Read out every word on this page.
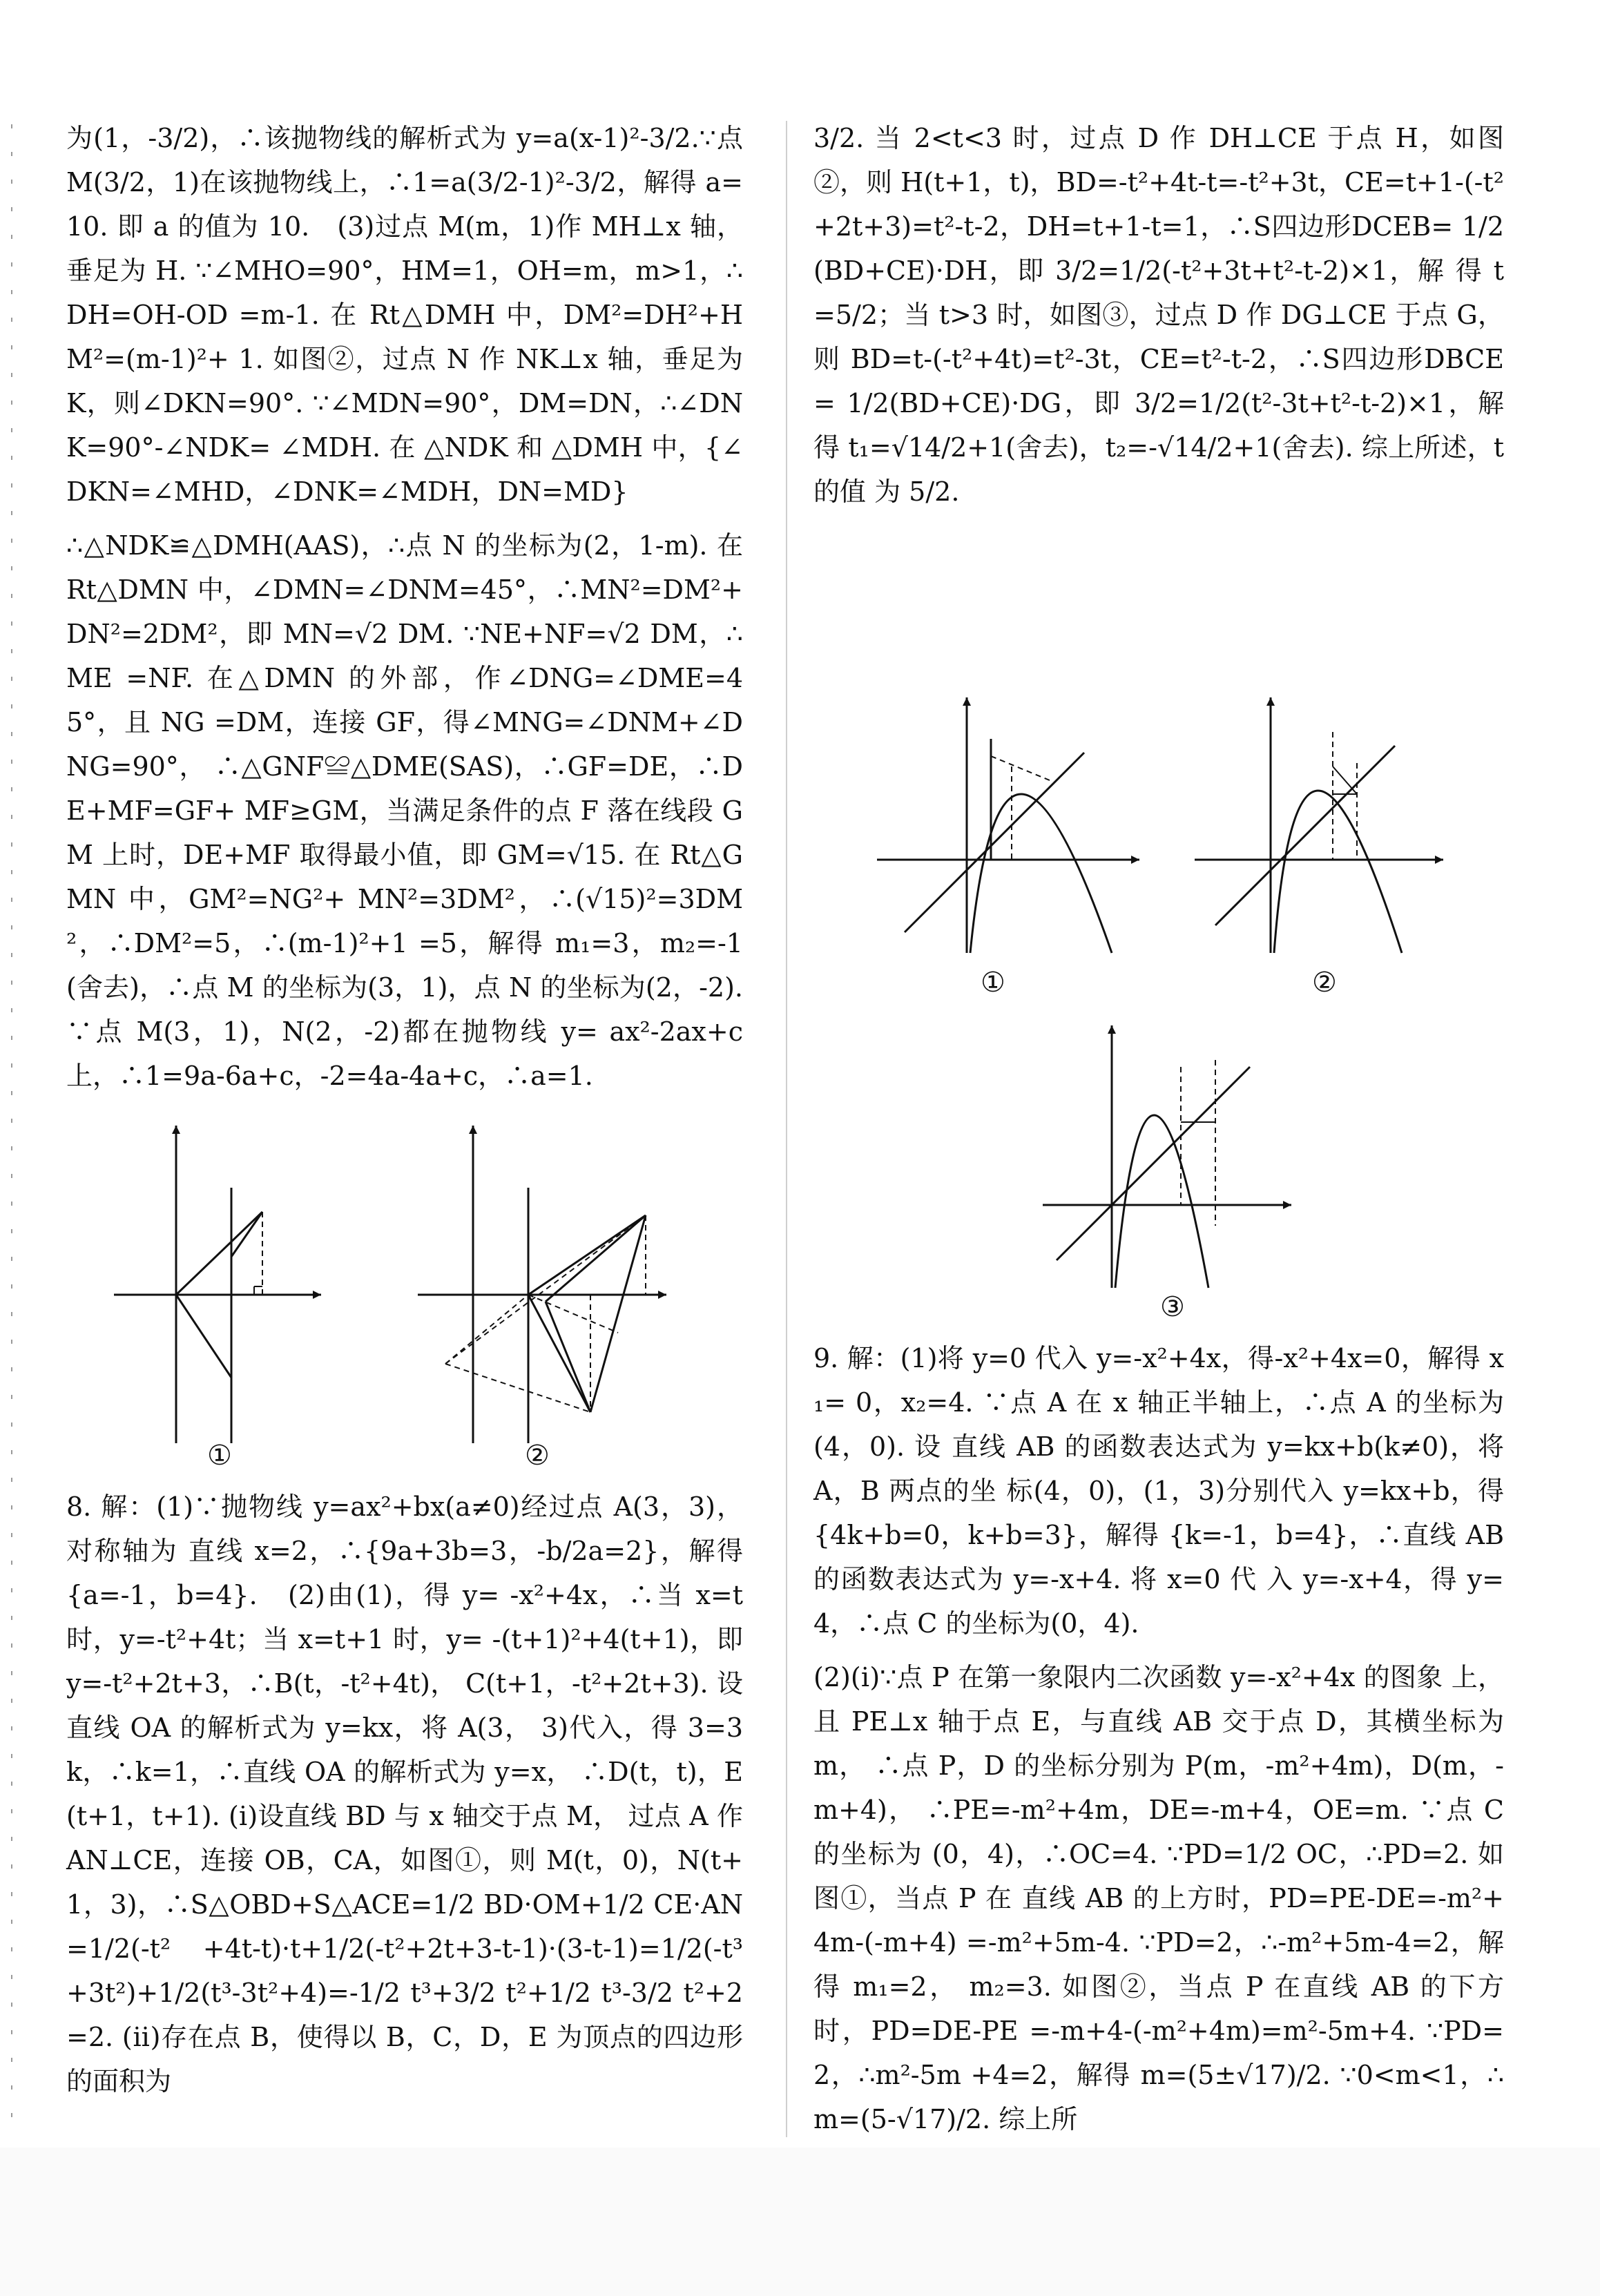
为(1，-3/2)，∴该抛物线的解析式为 y=a(x-1)²-3/2.∵点 M(3/2，1)在该抛物线上，∴1=a(3/2-1)²-3/2，解得 a=10. 即 a 的值为 10.　(3)过点 M(m，1)作 MH⊥x 轴，垂足为 H. ∵∠MHO=90°，HM=1，OH=m，m>1，∴DH=OH-OD =m-1. 在 Rt△DMH 中，DM²=DH²+HM²=(m-1)²+ 1. 如图②，过点 N 作 NK⊥x 轴，垂足为 K，则∠DKN=90°. ∵∠MDN=90°，DM=DN，∴∠DNK=90°-∠NDK= ∠MDH. 在 △NDK 和 △DMH 中，{∠DKN=∠MHD，∠DNK=∠MDH，DN=MD}

∴△NDK≌△DMH(AAS)，∴点 N 的坐标为(2，1-m). 在 Rt△DMN 中，∠DMN=∠DNM=45°，∴MN²=DM²+ DN²=2DM²，即 MN=√2 DM. ∵NE+NF=√2 DM，∴ME =NF. 在△DMN 的外部，作∠DNG=∠DME=45°，且 NG =DM，连接 GF，得∠MNG=∠DNM+∠DNG=90°， ∴△GNF≌△DME(SAS)，∴GF=DE，∴DE+MF=GF+ MF≥GM，当满足条件的点 F 落在线段 GM 上时，DE+MF 取得最小值，即 GM=√15. 在 Rt△GMN 中，GM²=NG²+ MN²=3DM²，∴(√15)²=3DM²，∴DM²=5，∴(m-1)²+1 =5，解得 m₁=3，m₂=-1(舍去)，∴点 M 的坐标为(3，1)，点 N 的坐标为(2，-2). ∵点 M(3，1)，N(2，-2)都在抛物线 y= ax²-2ax+c 上，∴1=9a-6a+c，-2=4a-4a+c，∴a=1.

①	②

8. 解：(1)∵抛物线 y=ax²+bx(a≠0)经过点 A(3，3)，对称轴为 直线 x=2，∴{9a+3b=3，-b/2a=2}，解得{a=-1，b=4}.　(2)由(1)，得 y= -x²+4x，∴当 x=t 时，y=-t²+4t；当 x=t+1 时，y= -(t+1)²+4(t+1)，即 y=-t²+2t+3，∴B(t，-t²+4t)， C(t+1，-t²+2t+3). 设直线 OA 的解析式为 y=kx，将 A(3， 3)代入，得 3=3k，∴k=1，∴直线 OA 的解析式为 y=x， ∴D(t，t)，E(t+1，t+1). (ⅰ)设直线 BD 与 x 轴交于点 M， 过点 A 作 AN⊥CE，连接 OB，CA，如图①，则 M(t，0)，N(t+ 1，3)，∴S△OBD+S△ACE=1/2 BD·OM+1/2 CE·AN=1/2(-t² +4t-t)·t+1/2(-t²+2t+3-t-1)·(3-t-1)=1/2(-t³ +3t²)+1/2(t³-3t²+4)=-1/2 t³+3/2 t²+1/2 t³-3/2 t²+2=2. (ⅱ)存在点 B，使得以 B，C，D，E 为顶点的四边形的面积为

3/2. 当 2<t<3 时，过点 D 作 DH⊥CE 于点 H，如图②，则 H(t+1，t)，BD=-t²+4t-t=-t²+3t，CE=t+1-(-t² +2t+3)=t²-t-2，DH=t+1-t=1，∴S四边形DCEB= 1/2(BD+CE)·DH，即 3/2=1/2(-t²+3t+t²-t-2)×1，解 得 t=5/2；当 t>3 时，如图③，过点 D 作 DG⊥CE 于点 G，则 BD=t-(-t²+4t)=t²-3t，CE=t²-t-2，∴S四边形DBCE= 1/2(BD+CE)·DG，即 3/2=1/2(t²-3t+t²-t-2)×1，解得 t₁=√14/2+1(舍去)，t₂=-√14/2+1(舍去). 综上所述，t 的值 为 5/2.

①	②
③

9. 解：(1)将 y=0 代入 y=-x²+4x，得-x²+4x=0，解得 x₁= 0，x₂=4. ∵点 A 在 x 轴正半轴上，∴点 A 的坐标为(4，0). 设 直线 AB 的函数表达式为 y=kx+b(k≠0)，将 A，B 两点的坐 标(4，0)，(1，3)分别代入 y=kx+b，得{4k+b=0，k+b=3}，解得 {k=-1，b=4}，∴直线 AB 的函数表达式为 y=-x+4. 将 x=0 代 入 y=-x+4，得 y=4，∴点 C 的坐标为(0，4).

(2)(ⅰ)∵点 P 在第一象限内二次函数 y=-x²+4x 的图象 上，且 PE⊥x 轴于点 E，与直线 AB 交于点 D，其横坐标为 m， ∴点 P，D 的坐标分别为 P(m，-m²+4m)，D(m，-m+4)， ∴PE=-m²+4m，DE=-m+4，OE=m. ∵点 C 的坐标为 (0，4)，∴OC=4. ∵PD=1/2 OC，∴PD=2. 如图①，当点 P 在 直线 AB 的上方时，PD=PE-DE=-m²+4m-(-m+4) =-m²+5m-4. ∵PD=2，∴-m²+5m-4=2，解得 m₁=2， m₂=3. 如图②，当点 P 在直线 AB 的下方时，PD=DE-PE =-m+4-(-m²+4m)=m²-5m+4. ∵PD=2，∴m²-5m +4=2，解得 m=(5±√17)/2. ∵0<m<1，∴m=(5-√17)/2. 综上所
